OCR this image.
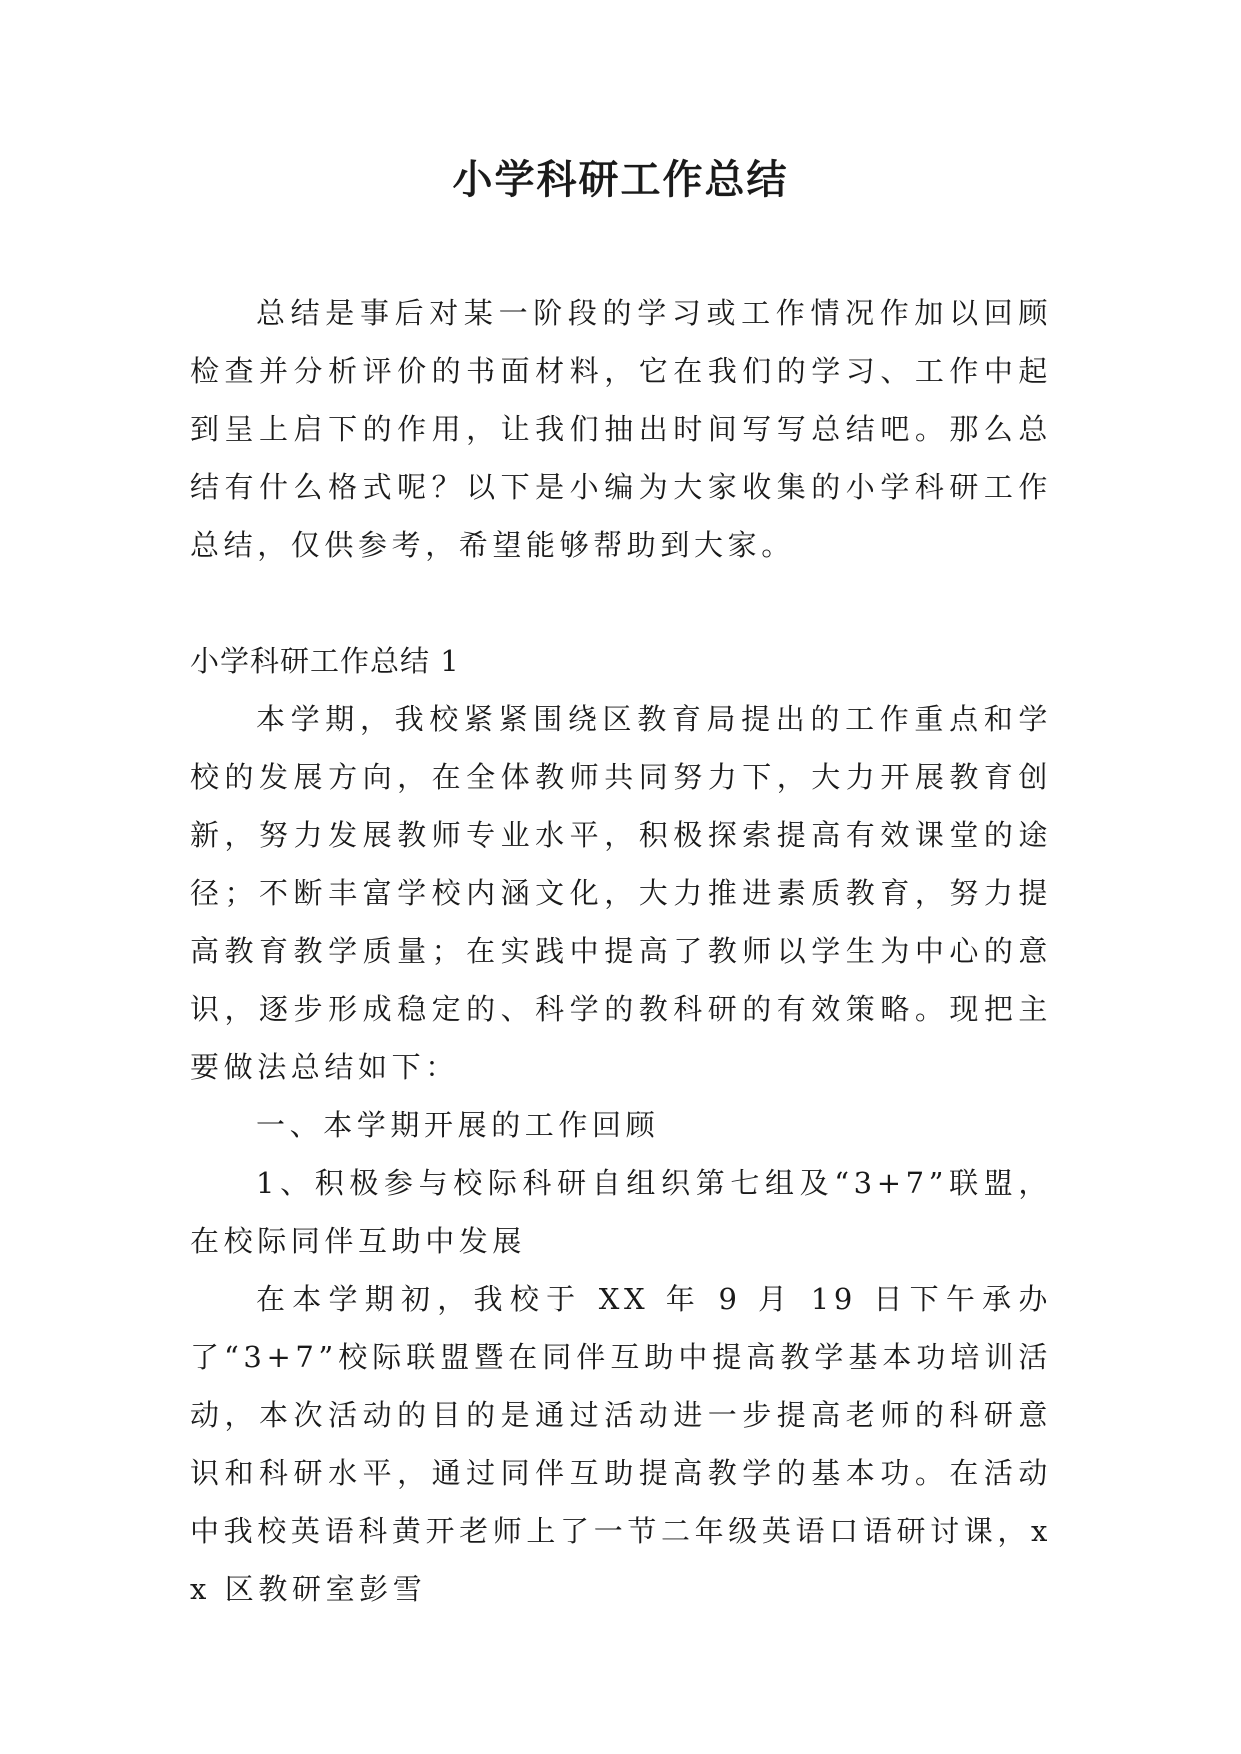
小学科研工作总结

总结是事后对某一阶段的学习或工作情况作加以回顾检查并分析评价的书面材料，它在我们的学习、工作中起到呈上启下的作用，让我们抽出时间写写总结吧。那么总结有什么格式呢？以下是小编为大家收集的小学科研工作总结，仅供参考，希望能够帮助到大家。

小学科研工作总结 1

本学期，我校紧紧围绕区教育局提出的工作重点和学校的发展方向，在全体教师共同努力下，大力开展教育创新，努力发展教师专业水平，积极探索提高有效课堂的途径；不断丰富学校内涵文化，大力推进素质教育，努力提高教育教学质量；在实践中提高了教师以学生为中心的意识，逐步形成稳定的、科学的教科研的有效策略。现把主要做法总结如下：

一、本学期开展的工作回顾

1、积极参与校际科研自组织第七组及“3+7”联盟，在校际同伴互助中发展

在本学期初，我校于 XX 年 9 月 19 日下午承办了“3+7”校际联盟暨在同伴互助中提高教学基本功培训活动，本次活动的目的是通过活动进一步提高老师的科研意识和科研水平，通过同伴互助提高教学的基本功。在活动中我校英语科黄开老师上了一节二年级英语口语研讨课，xx 区教研室彭雪
